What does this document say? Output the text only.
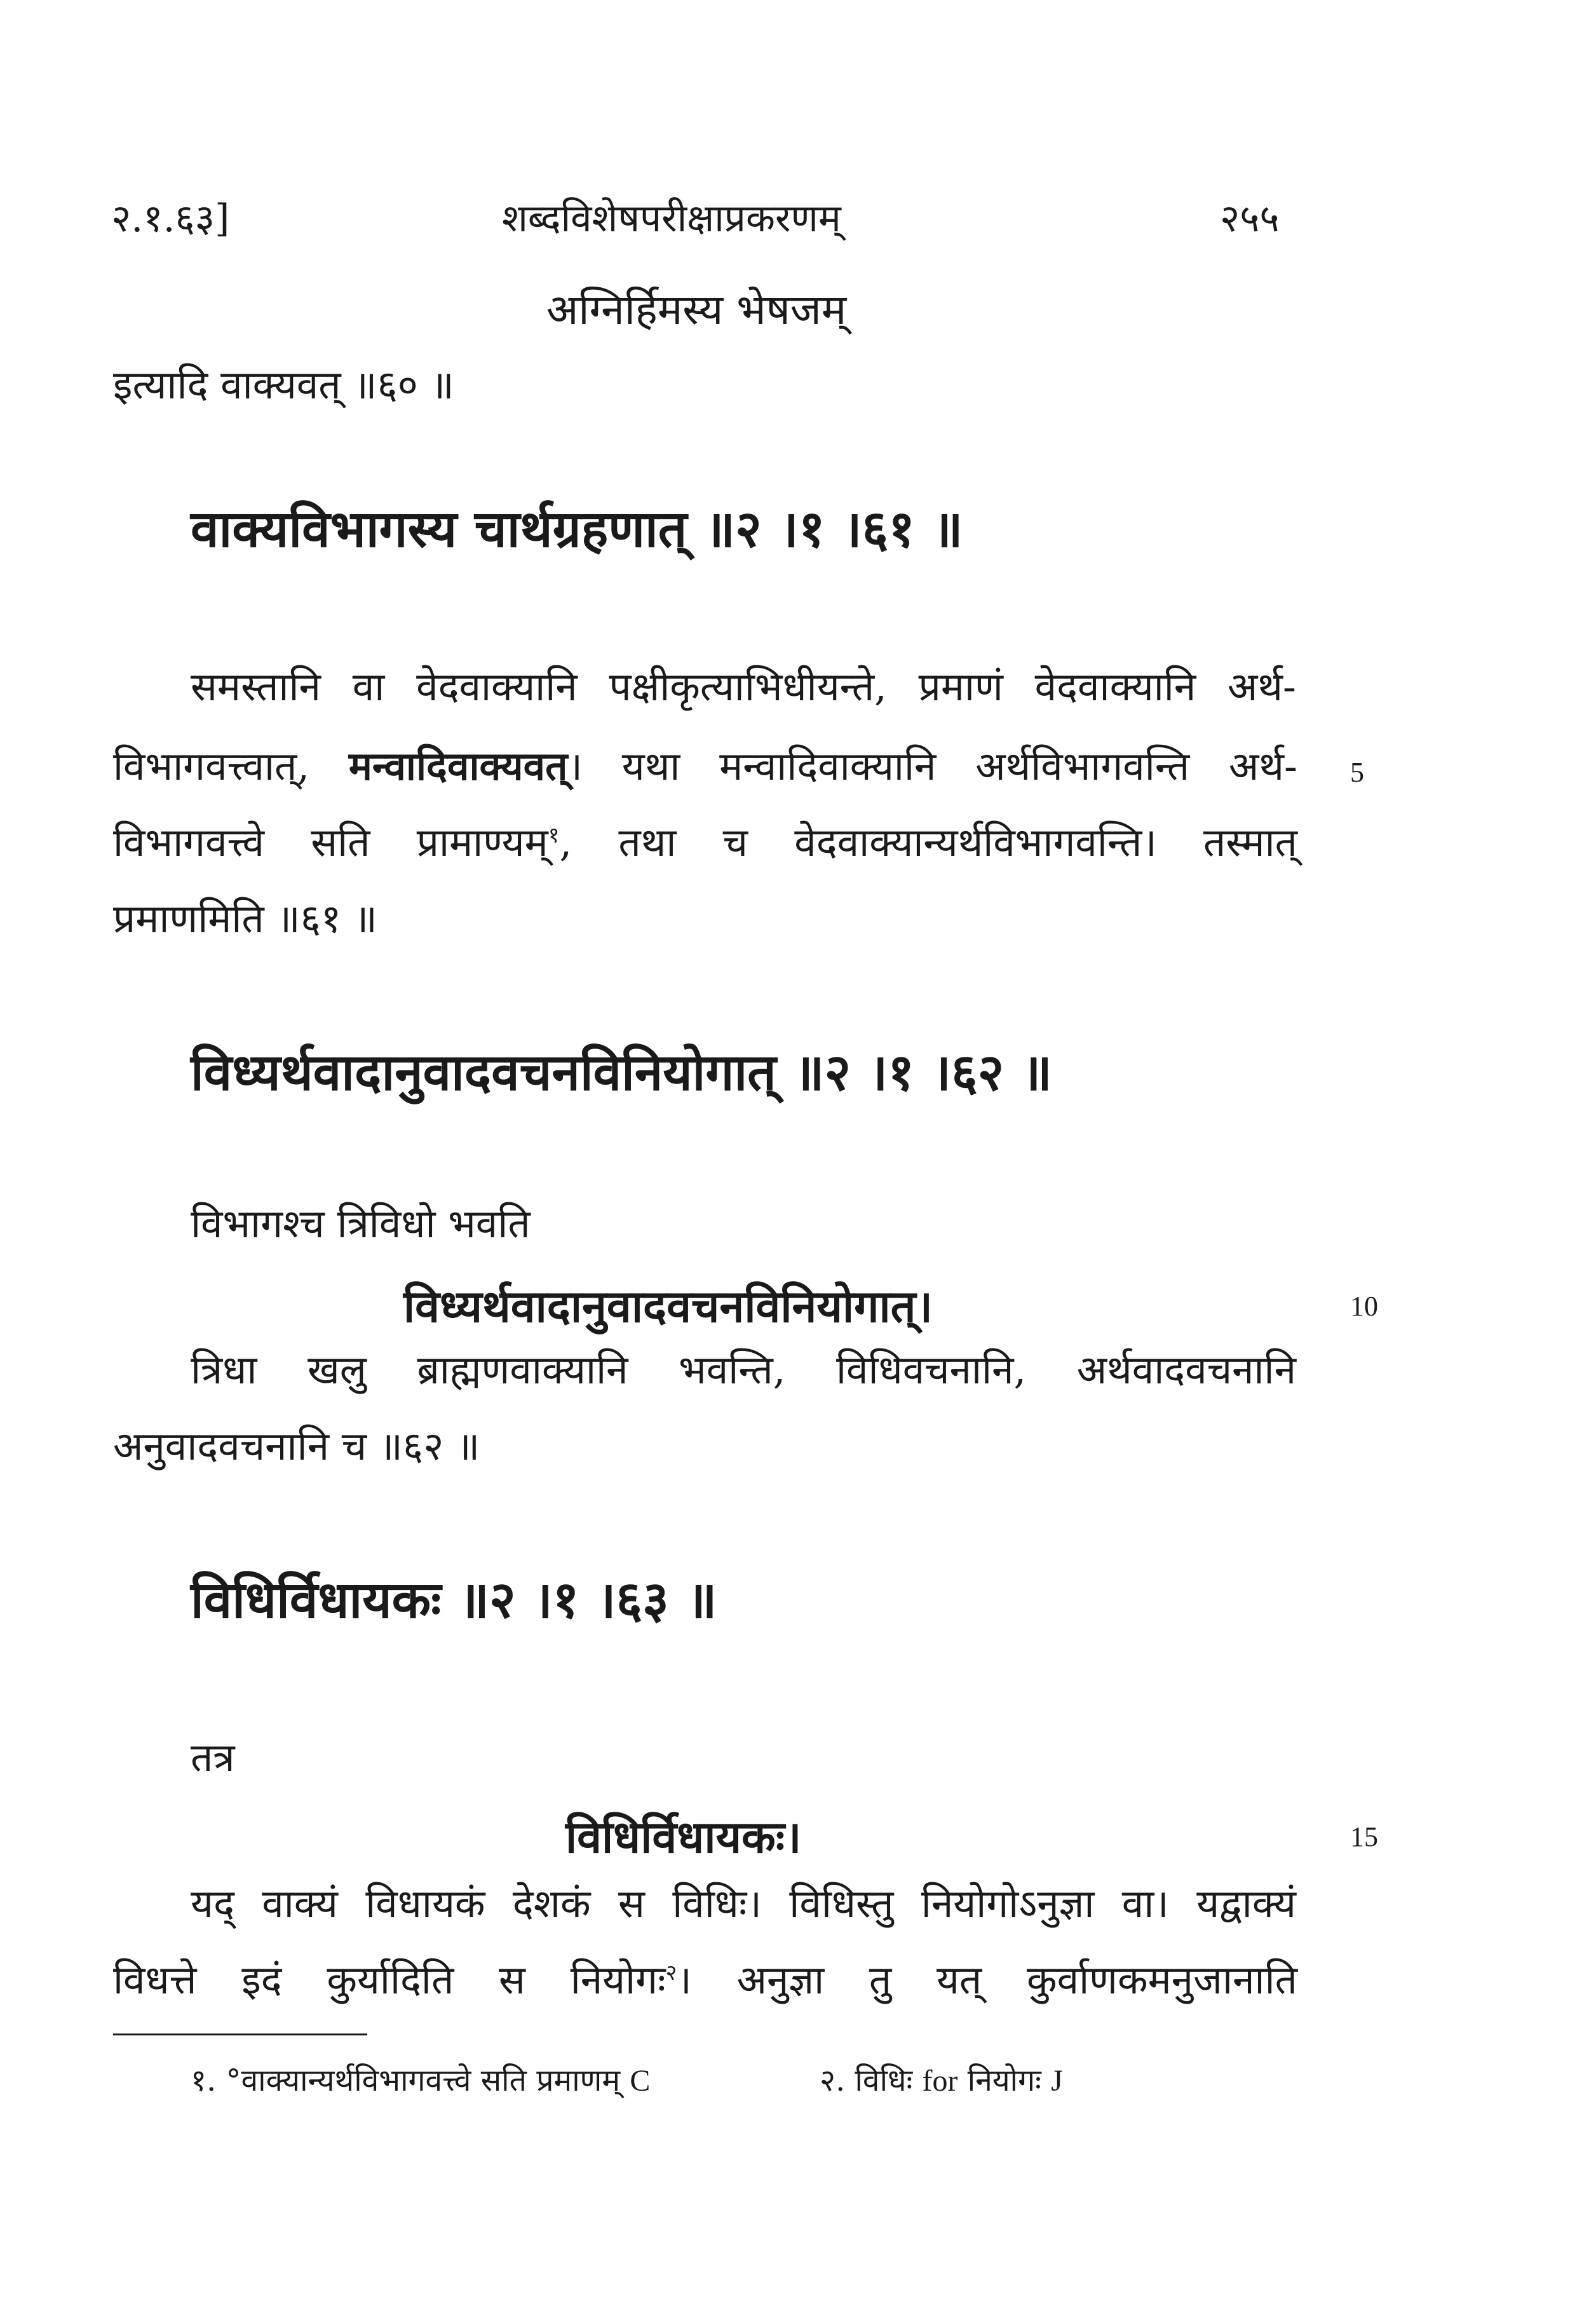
२.१.६३]	शब्दविशेषपरीक्षाप्रकरणम्	२५५
अग्निर्हिमस्य भेषजम्
इत्यादि वाक्यवत् ॥६० ॥
वाक्यविभागस्य चार्थग्रहणात् ॥२ ।१ ।६१ ॥
समस्तानि वा वेदवाक्यानि पक्षीकृत्याभिधीयन्ते, प्रमाणं वेदवाक्यानि अर्थ-
विभागवत्त्वात्, मन्वादिवाक्यवत्। यथा मन्वादिवाक्यानि अर्थविभागवन्ति अर्थ- 5
विभागवत्त्वे सति प्रामाण्यम्$^१$, तथा च वेदवाक्यान्यर्थविभागवन्ति। तस्मात्
प्रमाणमिति ॥६१ ॥
विध्यर्थवादानुवादवचनविनियोगात् ॥२ ।१ ।६२ ॥
विभागश्च त्रिविधो भवति
विध्यर्थवादानुवादवचनविनियोगात्।	10
त्रिधा खलु ब्राह्मणवाक्यानि भवन्ति, विधिवचनानि, अर्थवादवचनानि
अनुवादवचनानि च ॥६२ ॥
विधिर्विधायकः ॥२ ।१ ।६३ ॥
तत्र
विधिर्विधायकः।	15
यद् वाक्यं विधायकं देशकं स विधिः। विधिस्तु नियोगोऽनुज्ञा वा। यद्वाक्यं
विधत्ते इदं कुर्यादिति स नियोगः$^२$। अनुज्ञा तु यत् कुर्वाणकमनुजानाति
१. °वाक्यान्यर्थविभागवत्त्वे सति प्रमाणम् C	२. विधिः for नियोगः J
